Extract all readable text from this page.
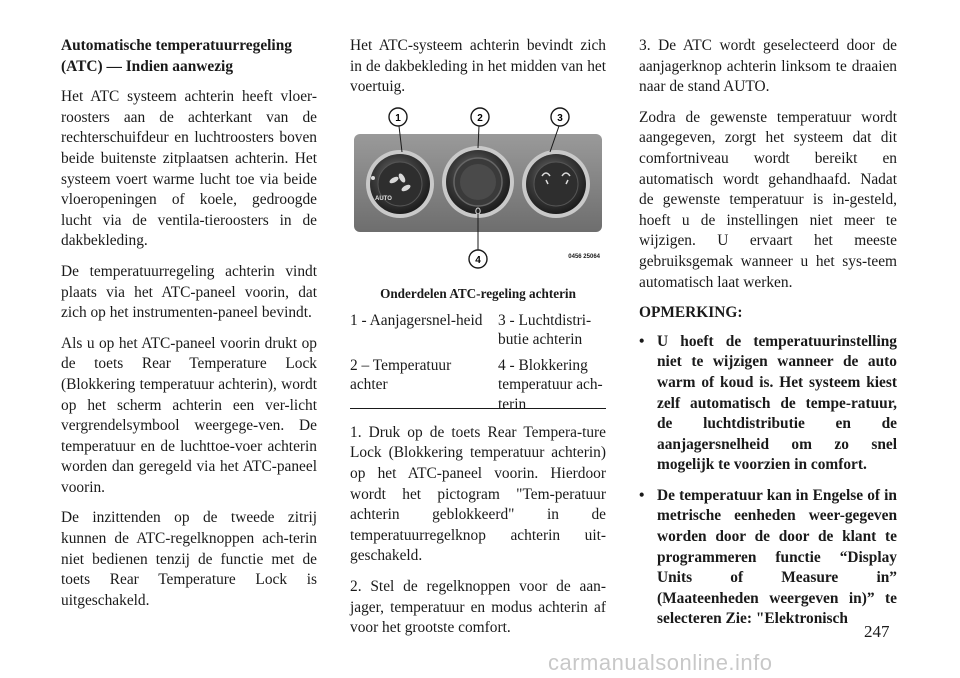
Automatische temperatuurregeling (ATC) — Indien aanwezig

Het ATC systeem achterin heeft vloer-roosters aan de achterkant van de rechterschuifdeur en luchtroosters boven beide buitenste zitplaatsen achterin. Het systeem voert warme lucht toe via beide vloeropeningen of koele, gedroogde lucht via de ventila-tieroosters in de dakbekleding.

De temperatuurregeling achterin vindt plaats via het ATC-paneel voorin, dat zich op het instrumenten-paneel bevindt.

Als u op het ATC-paneel voorin drukt op de toets Rear Temperature Lock (Blokkering temperatuur achterin), wordt op het scherm achterin een ver-licht vergrendelsymbool weergege-ven. De temperatuur en de luchttoe-voer achterin worden dan geregeld via het ATC-paneel voorin.

De inzittenden op de tweede zitrij kunnen de ATC-regelknoppen ach-terin niet bedienen tenzij de functie met de toets Rear Temperature Lock is uitgeschakeld.

Het ATC-systeem achterin bevindt zich in de dakbekleding in het midden van het voertuig.

AUTO
1	2	3
4	0456 25064
Onderdelen ATC-regeling achterin
1 - Aanjagersnel-heid	3 - Luchtdistri-butie achterin
2 – Temperatuur achter	4 - Blokkering temperatuur ach-terin

1. Druk op de toets Rear Tempera-ture Lock (Blokkering temperatuur achterin) op het ATC-paneel voorin. Hierdoor wordt het pictogram "Tem-peratuur achterin geblokkeerd" in de temperatuurregelknop achterin uit-geschakeld.

2. Stel de regelknoppen voor de aan-jager, temperatuur en modus achterin af voor het grootste comfort.

3. De ATC wordt geselecteerd door de aanjagerknop achterin linksom te draaien naar de stand AUTO.

Zodra de gewenste temperatuur wordt aangegeven, zorgt het systeem dat dit comfortniveau wordt bereikt en automatisch wordt gehandhaafd. Nadat de gewenste temperatuur is in-gesteld, hoeft u de instellingen niet meer te wijzigen. U ervaart het meeste gebruiksgemak wanneer u het sys-teem automatisch laat werken.

OPMERKING:

• U hoeft de temperatuurinstelling niet te wijzigen wanneer de auto warm of koud is. Het systeem kiest zelf automatisch de tempe-ratuur, de luchtdistributie en de aanjagersnelheid om zo snel mogelijk te voorzien in comfort.
• De temperatuur kan in Engelse of in metrische eenheden weer-gegeven worden door de door de klant te programmeren functie “Display Units of Measure in” (Maateenheden weergeven in)” te selecteren Zie: "Elektronisch
247
carmanualsonline.info
